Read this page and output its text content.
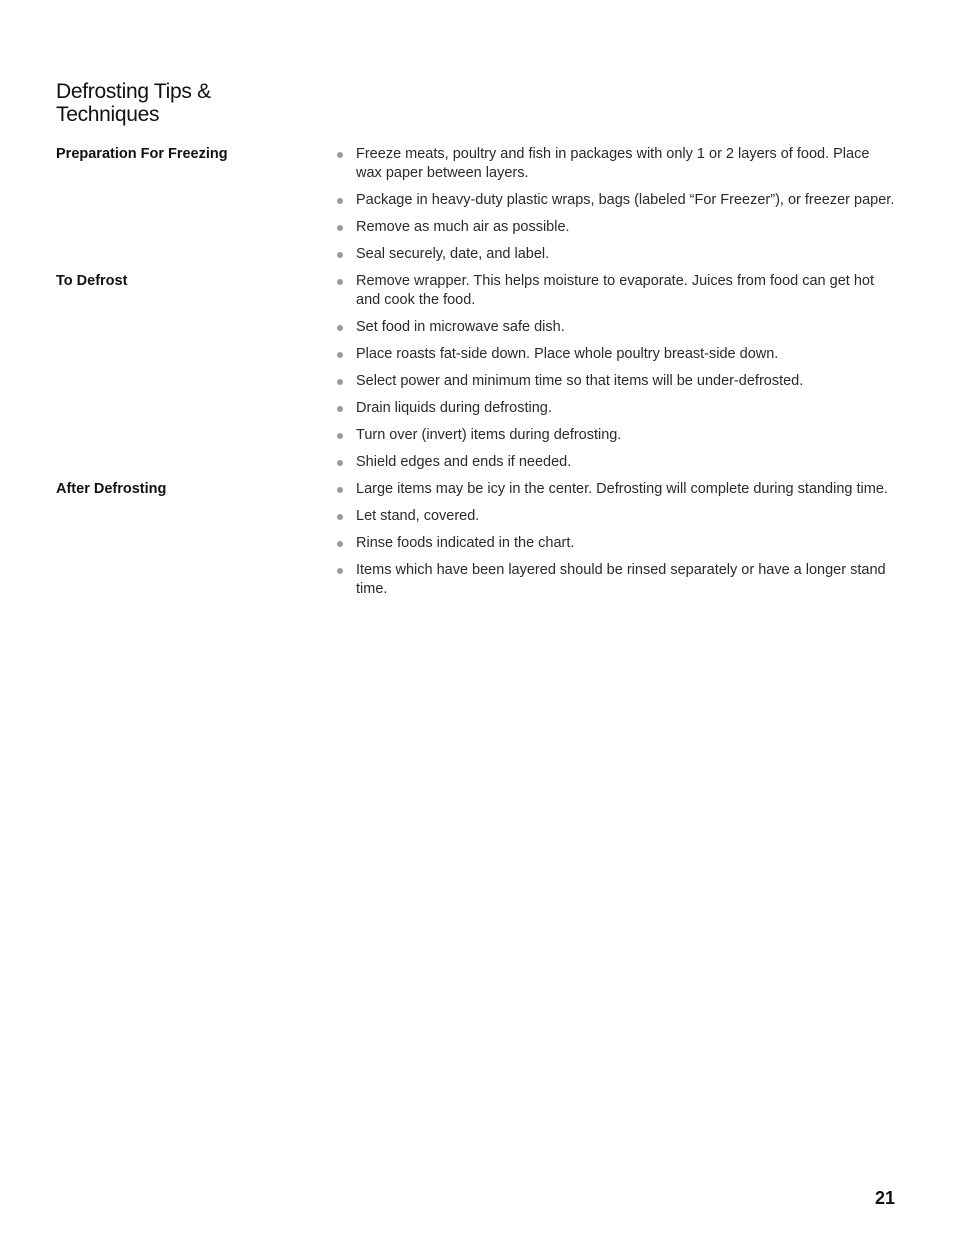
Defrosting Tips & Techniques
Preparation For Freezing	Freeze meats, poultry and fish in packages with only 1 or 2 layers of food. Place wax paper between layers.
Package in heavy-duty plastic wraps, bags (labeled “For Freezer”), or freezer paper.
Remove as much air as possible.
Seal securely, date, and label.
To Defrost	Remove wrapper. This helps moisture to evaporate. Juices from food can get hot and cook the food.
Set food in microwave safe dish.
Place roasts fat-side down. Place whole poultry breast-side down.
Select power and minimum time so that items will be under-defrosted.
Drain liquids during defrosting.
Turn over (invert) items during defrosting.
Shield edges and ends if needed.
After Defrosting	Large items may be icy in the center. Defrosting will complete during standing time.
Let stand, covered.
Rinse foods indicated in the chart.
Items which have been layered should be rinsed separately or have a longer stand time.
21
